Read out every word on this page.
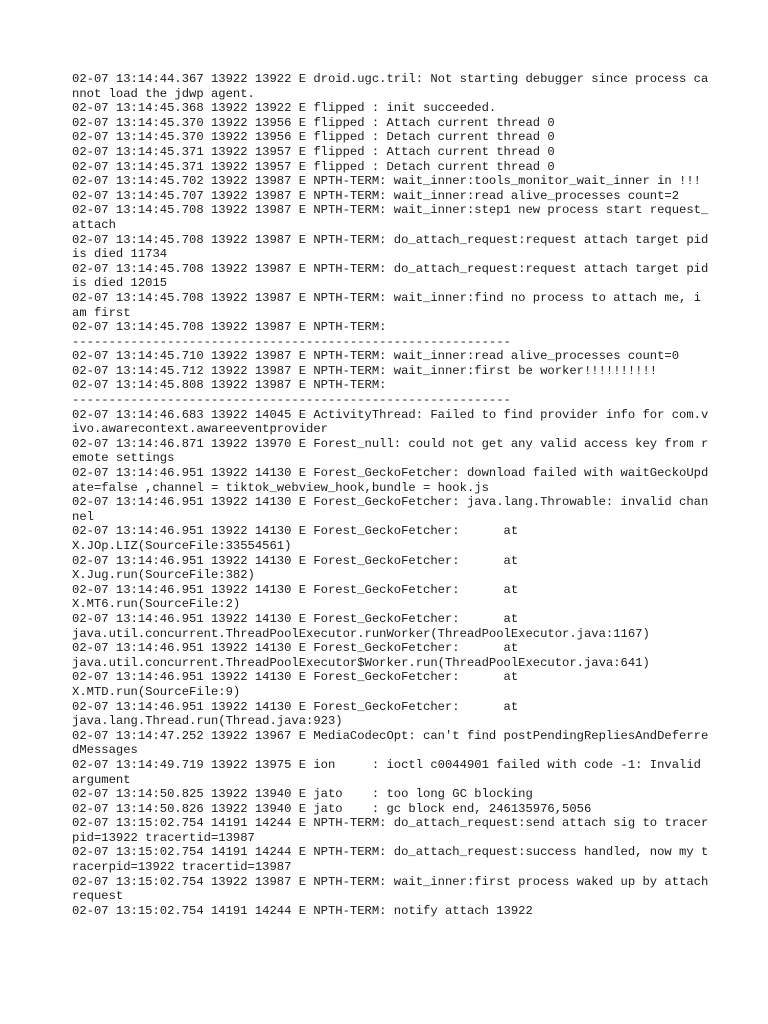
02-07 13:14:44.367 13922 13922 E droid.ugc.tril: Not starting debugger since process cannot load the jdwp agent.
02-07 13:14:45.368 13922 13922 E flipped : init succeeded.
02-07 13:14:45.370 13922 13956 E flipped : Attach current thread 0
02-07 13:14:45.370 13922 13956 E flipped : Detach current thread 0
02-07 13:14:45.371 13922 13957 E flipped : Attach current thread 0
02-07 13:14:45.371 13922 13957 E flipped : Detach current thread 0
02-07 13:14:45.702 13922 13987 E NPTH-TERM: wait_inner:tools_monitor_wait_inner in !!!
02-07 13:14:45.707 13922 13987 E NPTH-TERM: wait_inner:read alive_processes count=2
02-07 13:14:45.708 13922 13987 E NPTH-TERM: wait_inner:step1 new process start request_attach
02-07 13:14:45.708 13922 13987 E NPTH-TERM: do_attach_request:request attach target pid is died 11734
02-07 13:14:45.708 13922 13987 E NPTH-TERM: do_attach_request:request attach target pid is died 12015
02-07 13:14:45.708 13922 13987 E NPTH-TERM: wait_inner:find no process to attach me, i am first
02-07 13:14:45.708 13922 13987 E NPTH-TERM:
------------------------------------------------------------
02-07 13:14:45.710 13922 13987 E NPTH-TERM: wait_inner:read alive_processes count=0
02-07 13:14:45.712 13922 13987 E NPTH-TERM: wait_inner:first be worker!!!!!!!!!!
02-07 13:14:45.808 13922 13987 E NPTH-TERM:
------------------------------------------------------------
02-07 13:14:46.683 13922 14045 E ActivityThread: Failed to find provider info for com.vivo.awarecontext.awareeventprovider
02-07 13:14:46.871 13922 13970 E Forest_null: could not get any valid access key from remote settings
02-07 13:14:46.951 13922 14130 E Forest_GeckoFetcher: download failed with waitGeckoUpdate=false ,channel = tiktok_webview_hook,bundle = hook.js
02-07 13:14:46.951 13922 14130 E Forest_GeckoFetcher: java.lang.Throwable: invalid channel
02-07 13:14:46.951 13922 14130 E Forest_GeckoFetcher:      at
X.JOp.LIZ(SourceFile:33554561)
02-07 13:14:46.951 13922 14130 E Forest_GeckoFetcher:      at
X.Jug.run(SourceFile:382)
02-07 13:14:46.951 13922 14130 E Forest_GeckoFetcher:      at
X.MT6.run(SourceFile:2)
02-07 13:14:46.951 13922 14130 E Forest_GeckoFetcher:      at
java.util.concurrent.ThreadPoolExecutor.runWorker(ThreadPoolExecutor.java:1167)
02-07 13:14:46.951 13922 14130 E Forest_GeckoFetcher:      at
java.util.concurrent.ThreadPoolExecutor$Worker.run(ThreadPoolExecutor.java:641)
02-07 13:14:46.951 13922 14130 E Forest_GeckoFetcher:      at
X.MTD.run(SourceFile:9)
02-07 13:14:46.951 13922 14130 E Forest_GeckoFetcher:      at
java.lang.Thread.run(Thread.java:923)
02-07 13:14:47.252 13922 13967 E MediaCodecOpt: can't find postPendingRepliesAndDeferredMessages
02-07 13:14:49.719 13922 13975 E ion     : ioctl c0044901 failed with code -1: Invalid argument
02-07 13:14:50.825 13922 13940 E jato    : too long GC blocking
02-07 13:14:50.826 13922 13940 E jato    : gc block end, 246135976,5056
02-07 13:15:02.754 14191 14244 E NPTH-TERM: do_attach_request:send attach sig to tracerpid=13922 tracertid=13987
02-07 13:15:02.754 14191 14244 E NPTH-TERM: do_attach_request:success handled, now my tracerpid=13922 tracertid=13987
02-07 13:15:02.754 13922 13987 E NPTH-TERM: wait_inner:first process waked up by attach request
02-07 13:15:02.754 14191 14244 E NPTH-TERM: notify attach 13922
